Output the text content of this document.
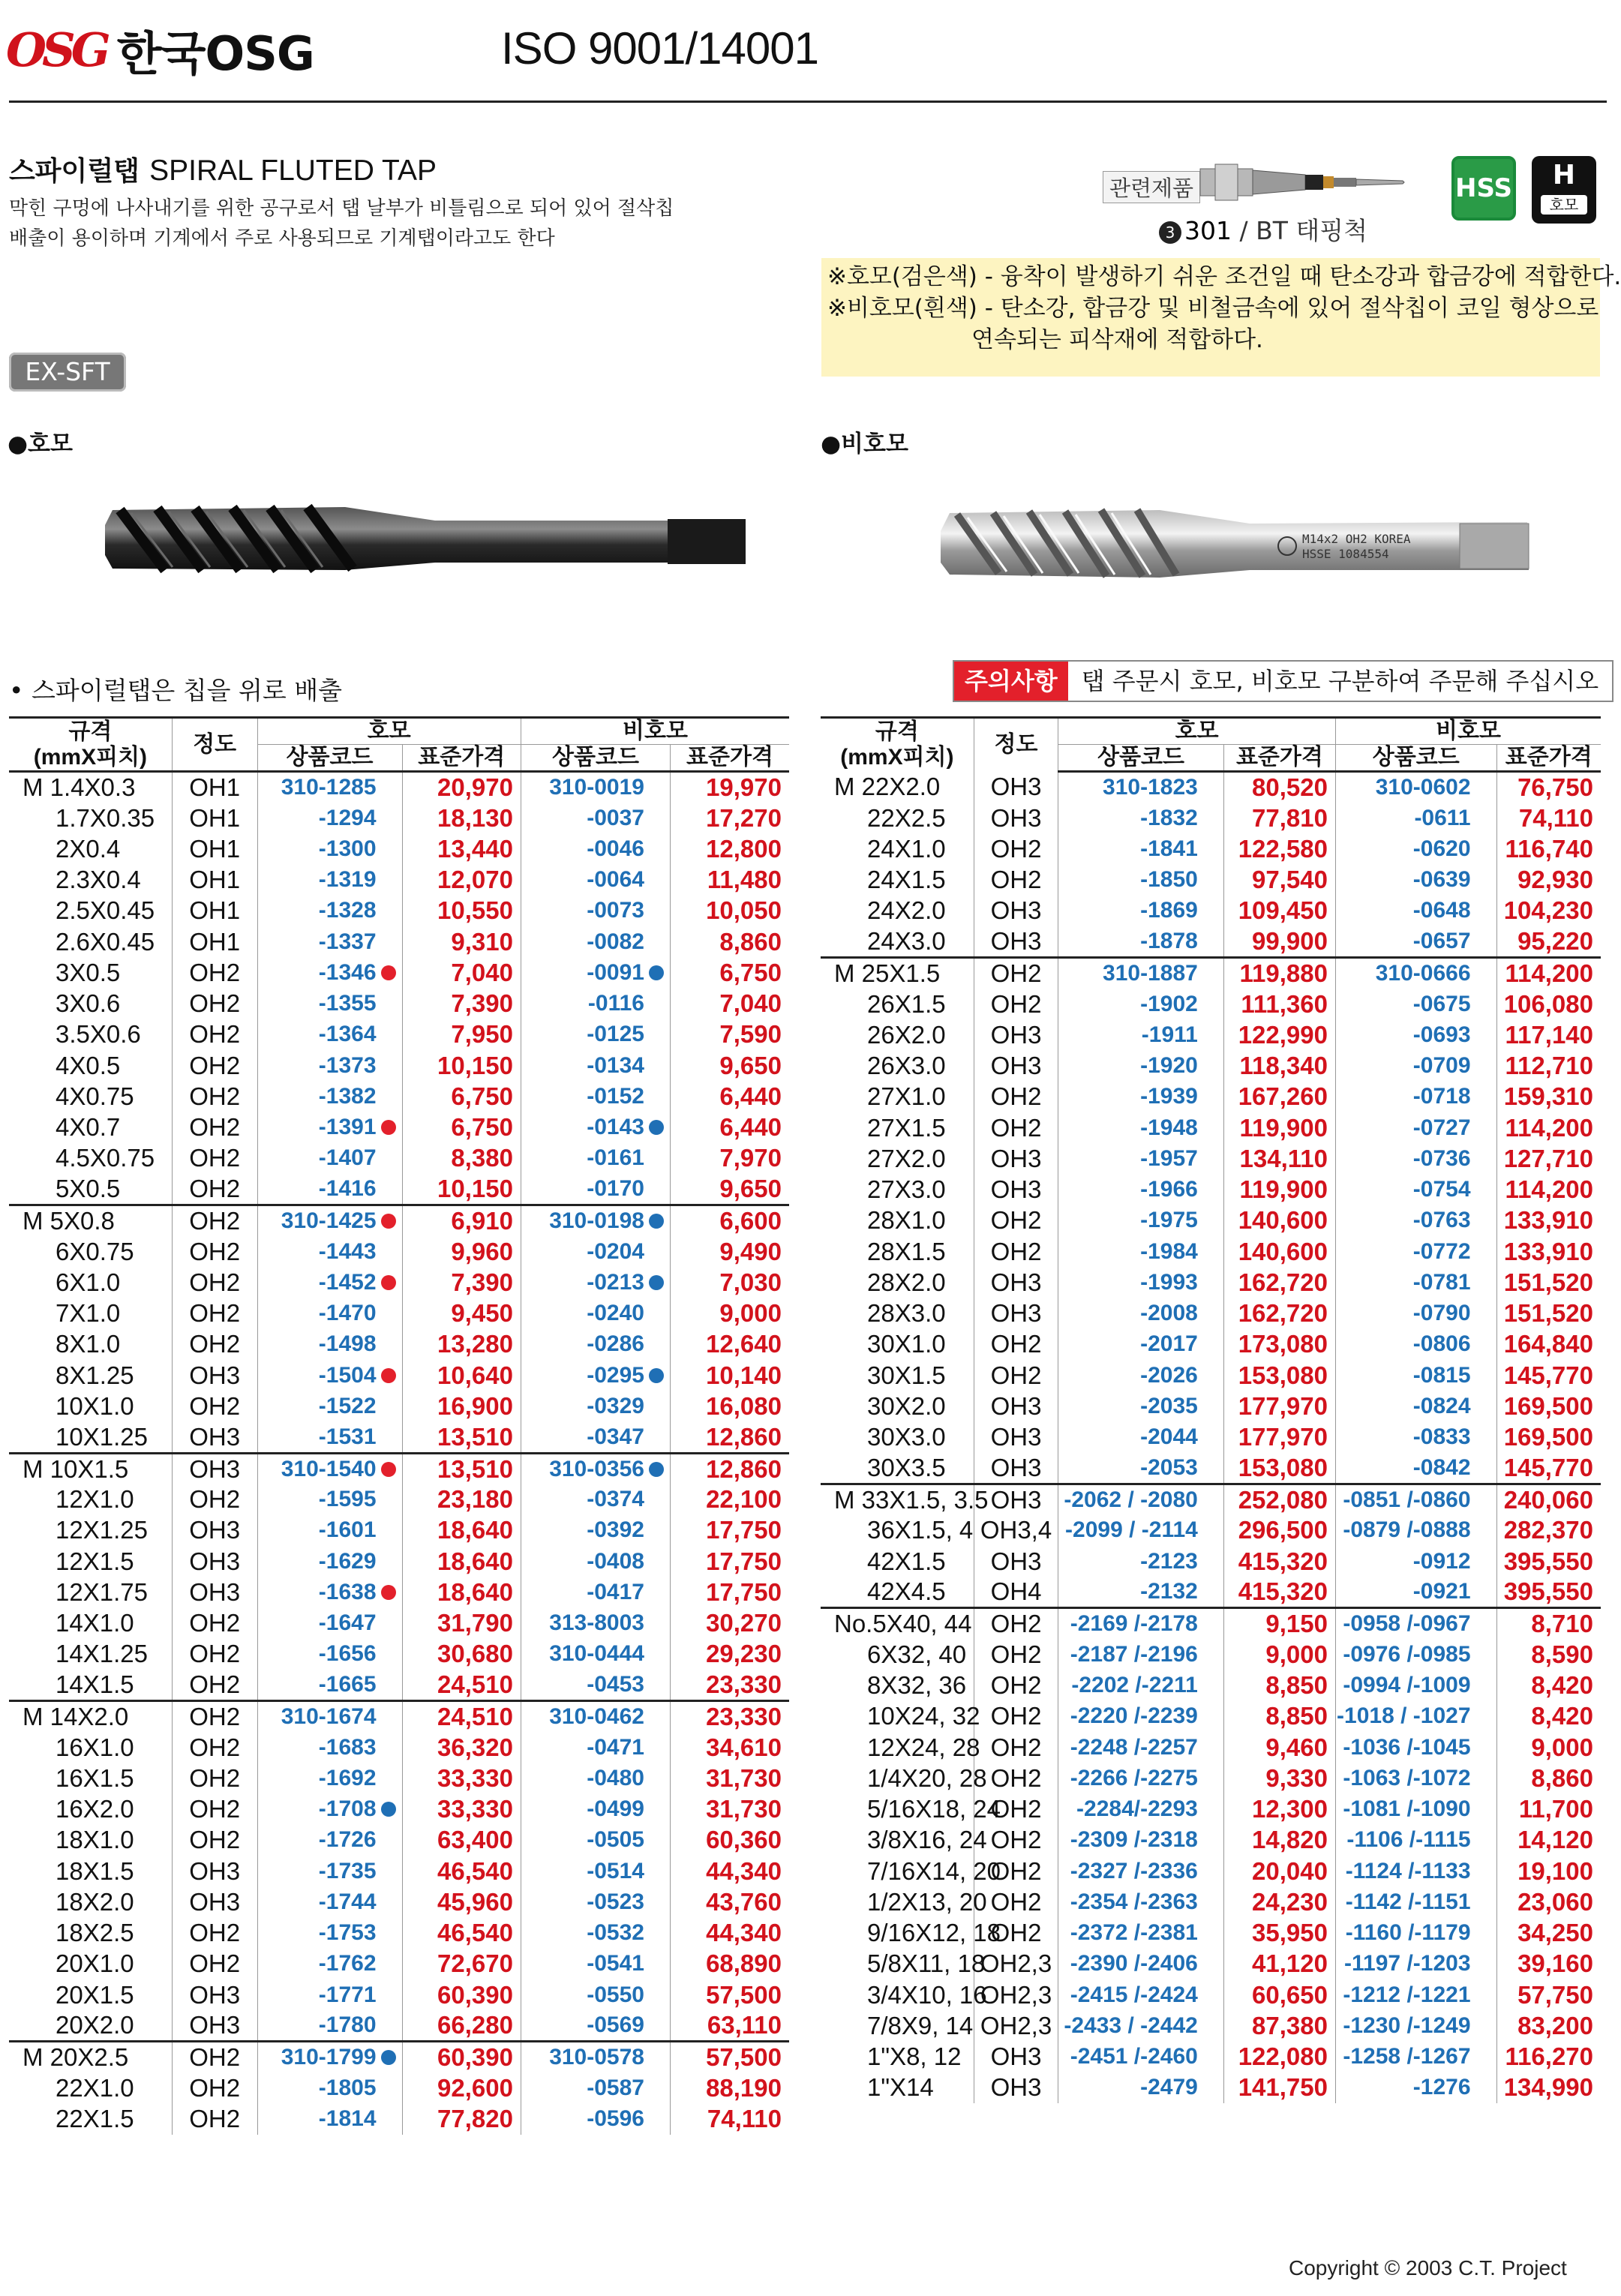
OSG 한국OSG	ISO 9001/14001
스파이럴탭 SPIRAL FLUTED TAP
막힌 구멍에 나사내기를 위한 공구로서 탭 날부가 비틀림으로 되어 있어 절삭칩
배출이 용이하며 기계에서 주로 사용되므로 기계탭이라고도 한다
EX-SFT
관련제품
3 301 / BT 태핑척
HSS	H
호모
※호모(검은색) - 융착이 발생하기 쉬운 조건일 때 탄소강과 합금강에 적합한다.
※비호모(흰색) - 탄소강, 합금강 및 비철금속에 있어 절삭칩이 코일 형상으로
연속되는 피삭재에 적합하다.
●호모	●비호모
M14x2 OH2 KOREA
HSSE 1084554
• 스파이럴탭은 칩을 위로 배출	주의사항	탭 주문시 호모, 비호모 구분하여 주문해 주십시오
규격
(mmX피치)	정도	호모		비호모	
		상품코드	표준가격	상품코드	표준가격
M 1.4X0.3	OH1	310-1285	20,970	310-0019	19,970
1.7X0.35	OH1	-1294	18,130	-0037	17,270
2X0.4	OH1	-1300	13,440	-0046	12,800
2.3X0.4	OH1	-1319	12,070	-0064	11,480
2.5X0.45	OH1	-1328	10,550	-0073	10,050
2.6X0.45	OH1	-1337	9,310	-0082	8,860
3X0.5	OH2	-1346	7,040	-0091	6,750
3X0.6	OH2	-1355	7,390	-0116	7,040
3.5X0.6	OH2	-1364	7,950	-0125	7,590
4X0.5	OH2	-1373	10,150	-0134	9,650
4X0.75	OH2	-1382	6,750	-0152	6,440
4X0.7	OH2	-1391	6,750	-0143	6,440
4.5X0.75	OH2	-1407	8,380	-0161	7,970
5X0.5	OH2	-1416	10,150	-0170	9,650
M 5X0.8	OH2	310-1425	6,910	310-0198	6,600
6X0.75	OH2	-1443	9,960	-0204	9,490
6X1.0	OH2	-1452	7,390	-0213	7,030
7X1.0	OH2	-1470	9,450	-0240	9,000
8X1.0	OH2	-1498	13,280	-0286	12,640
8X1.25	OH3	-1504	10,640	-0295	10,140
10X1.0	OH2	-1522	16,900	-0329	16,080
10X1.25	OH3	-1531	13,510	-0347	12,860
M 10X1.5	OH3	310-1540	13,510	310-0356	12,860
12X1.0	OH2	-1595	23,180	-0374	22,100
12X1.25	OH3	-1601	18,640	-0392	17,750
12X1.5	OH3	-1629	18,640	-0408	17,750
12X1.75	OH3	-1638	18,640	-0417	17,750
14X1.0	OH2	-1647	31,790	313-8003	30,270
14X1.25	OH2	-1656	30,680	310-0444	29,230
14X1.5	OH2	-1665	24,510	-0453	23,330
M 14X2.0	OH2	310-1674	24,510	310-0462	23,330
16X1.0	OH2	-1683	36,320	-0471	34,610
16X1.5	OH2	-1692	33,330	-0480	31,730
16X2.0	OH2	-1708	33,330	-0499	31,730
18X1.0	OH2	-1726	63,400	-0505	60,360
18X1.5	OH3	-1735	46,540	-0514	44,340
18X2.0	OH3	-1744	45,960	-0523	43,760
18X2.5	OH2	-1753	46,540	-0532	44,340
20X1.0	OH2	-1762	72,670	-0541	68,890
20X1.5	OH3	-1771	60,390	-0550	57,500
20X2.0	OH3	-1780	66,280	-0569	63,110
M 20X2.5	OH2	310-1799	60,390	310-0578	57,500
22X1.0	OH2	-1805	92,600	-0587	88,190
22X1.5	OH2	-1814	77,820	-0596	74,110
규격
(mmX피치)	정도	호모		비호모	
		상품코드	표준가격	상품코드	표준가격
M 22X2.0	OH3	310-1823	80,520	310-0602	76,750
22X2.5	OH3	-1832	77,810	-0611	74,110
24X1.0	OH2	-1841	122,580	-0620	116,740
24X1.5	OH2	-1850	97,540	-0639	92,930
24X2.0	OH3	-1869	109,450	-0648	104,230
24X3.0	OH3	-1878	99,900	-0657	95,220
M 25X1.5	OH2	310-1887	119,880	310-0666	114,200
26X1.5	OH2	-1902	111,360	-0675	106,080
26X2.0	OH3	-1911	122,990	-0693	117,140
26X3.0	OH3	-1920	118,340	-0709	112,710
27X1.0	OH2	-1939	167,260	-0718	159,310
27X1.5	OH2	-1948	119,900	-0727	114,200
27X2.0	OH3	-1957	134,110	-0736	127,710
27X3.0	OH3	-1966	119,900	-0754	114,200
28X1.0	OH2	-1975	140,600	-0763	133,910
28X1.5	OH2	-1984	140,600	-0772	133,910
28X2.0	OH3	-1993	162,720	-0781	151,520
28X3.0	OH3	-2008	162,720	-0790	151,520
30X1.0	OH2	-2017	173,080	-0806	164,840
30X1.5	OH2	-2026	153,080	-0815	145,770
30X2.0	OH3	-2035	177,970	-0824	169,500
30X3.0	OH3	-2044	177,970	-0833	169,500
30X3.5	OH3	-2053	153,080	-0842	145,770
M 33X1.5, 3.5	OH3	-2062 / -2080	252,080	-0851 /-0860	240,060
36X1.5, 4	OH3,4	-2099 / -2114	296,500	-0879 /-0888	282,370
42X1.5	OH3	-2123	415,320	-0912	395,550
42X4.5	OH4	-2132	415,320	-0921	395,550
No.5X40, 44	OH2	-2169 /-2178	9,150	-0958 /-0967	8,710
6X32, 40	OH2	-2187 /-2196	9,000	-0976 /-0985	8,590
8X32, 36	OH2	-2202 /-2211	8,850	-0994 /-1009	8,420
10X24, 32	OH2	-2220 /-2239	8,850	-1018 / -1027	8,420
12X24, 28	OH2	-2248 /-2257	9,460	-1036 /-1045	9,000
1/4X20, 28	OH2	-2266 /-2275	9,330	-1063 /-1072	8,860
5/16X18, 24	OH2	-2284/-2293	12,300	-1081 /-1090	11,700
3/8X16, 24	OH2	-2309 /-2318	14,820	-1106 /-1115	14,120
7/16X14, 20	OH2	-2327 /-2336	20,040	-1124 /-1133	19,100
1/2X13, 20	OH2	-2354 /-2363	24,230	-1142 /-1151	23,060
9/16X12, 18	OH2	-2372 /-2381	35,950	-1160 /-1179	34,250
5/8X11, 18	OH2,3	-2390 /-2406	41,120	-1197 /-1203	39,160
3/4X10, 16	OH2,3	-2415 /-2424	60,650	-1212 /-1221	57,750
7/8X9, 14	OH2,3	-2433 / -2442	87,380	-1230 /-1249	83,200
1"X8, 12	OH3	-2451 /-2460	122,080	-1258 /-1267	116,270
1"X14	OH3	-2479	141,750	-1276	134,990
Copyright © 2003 C.T. Project
